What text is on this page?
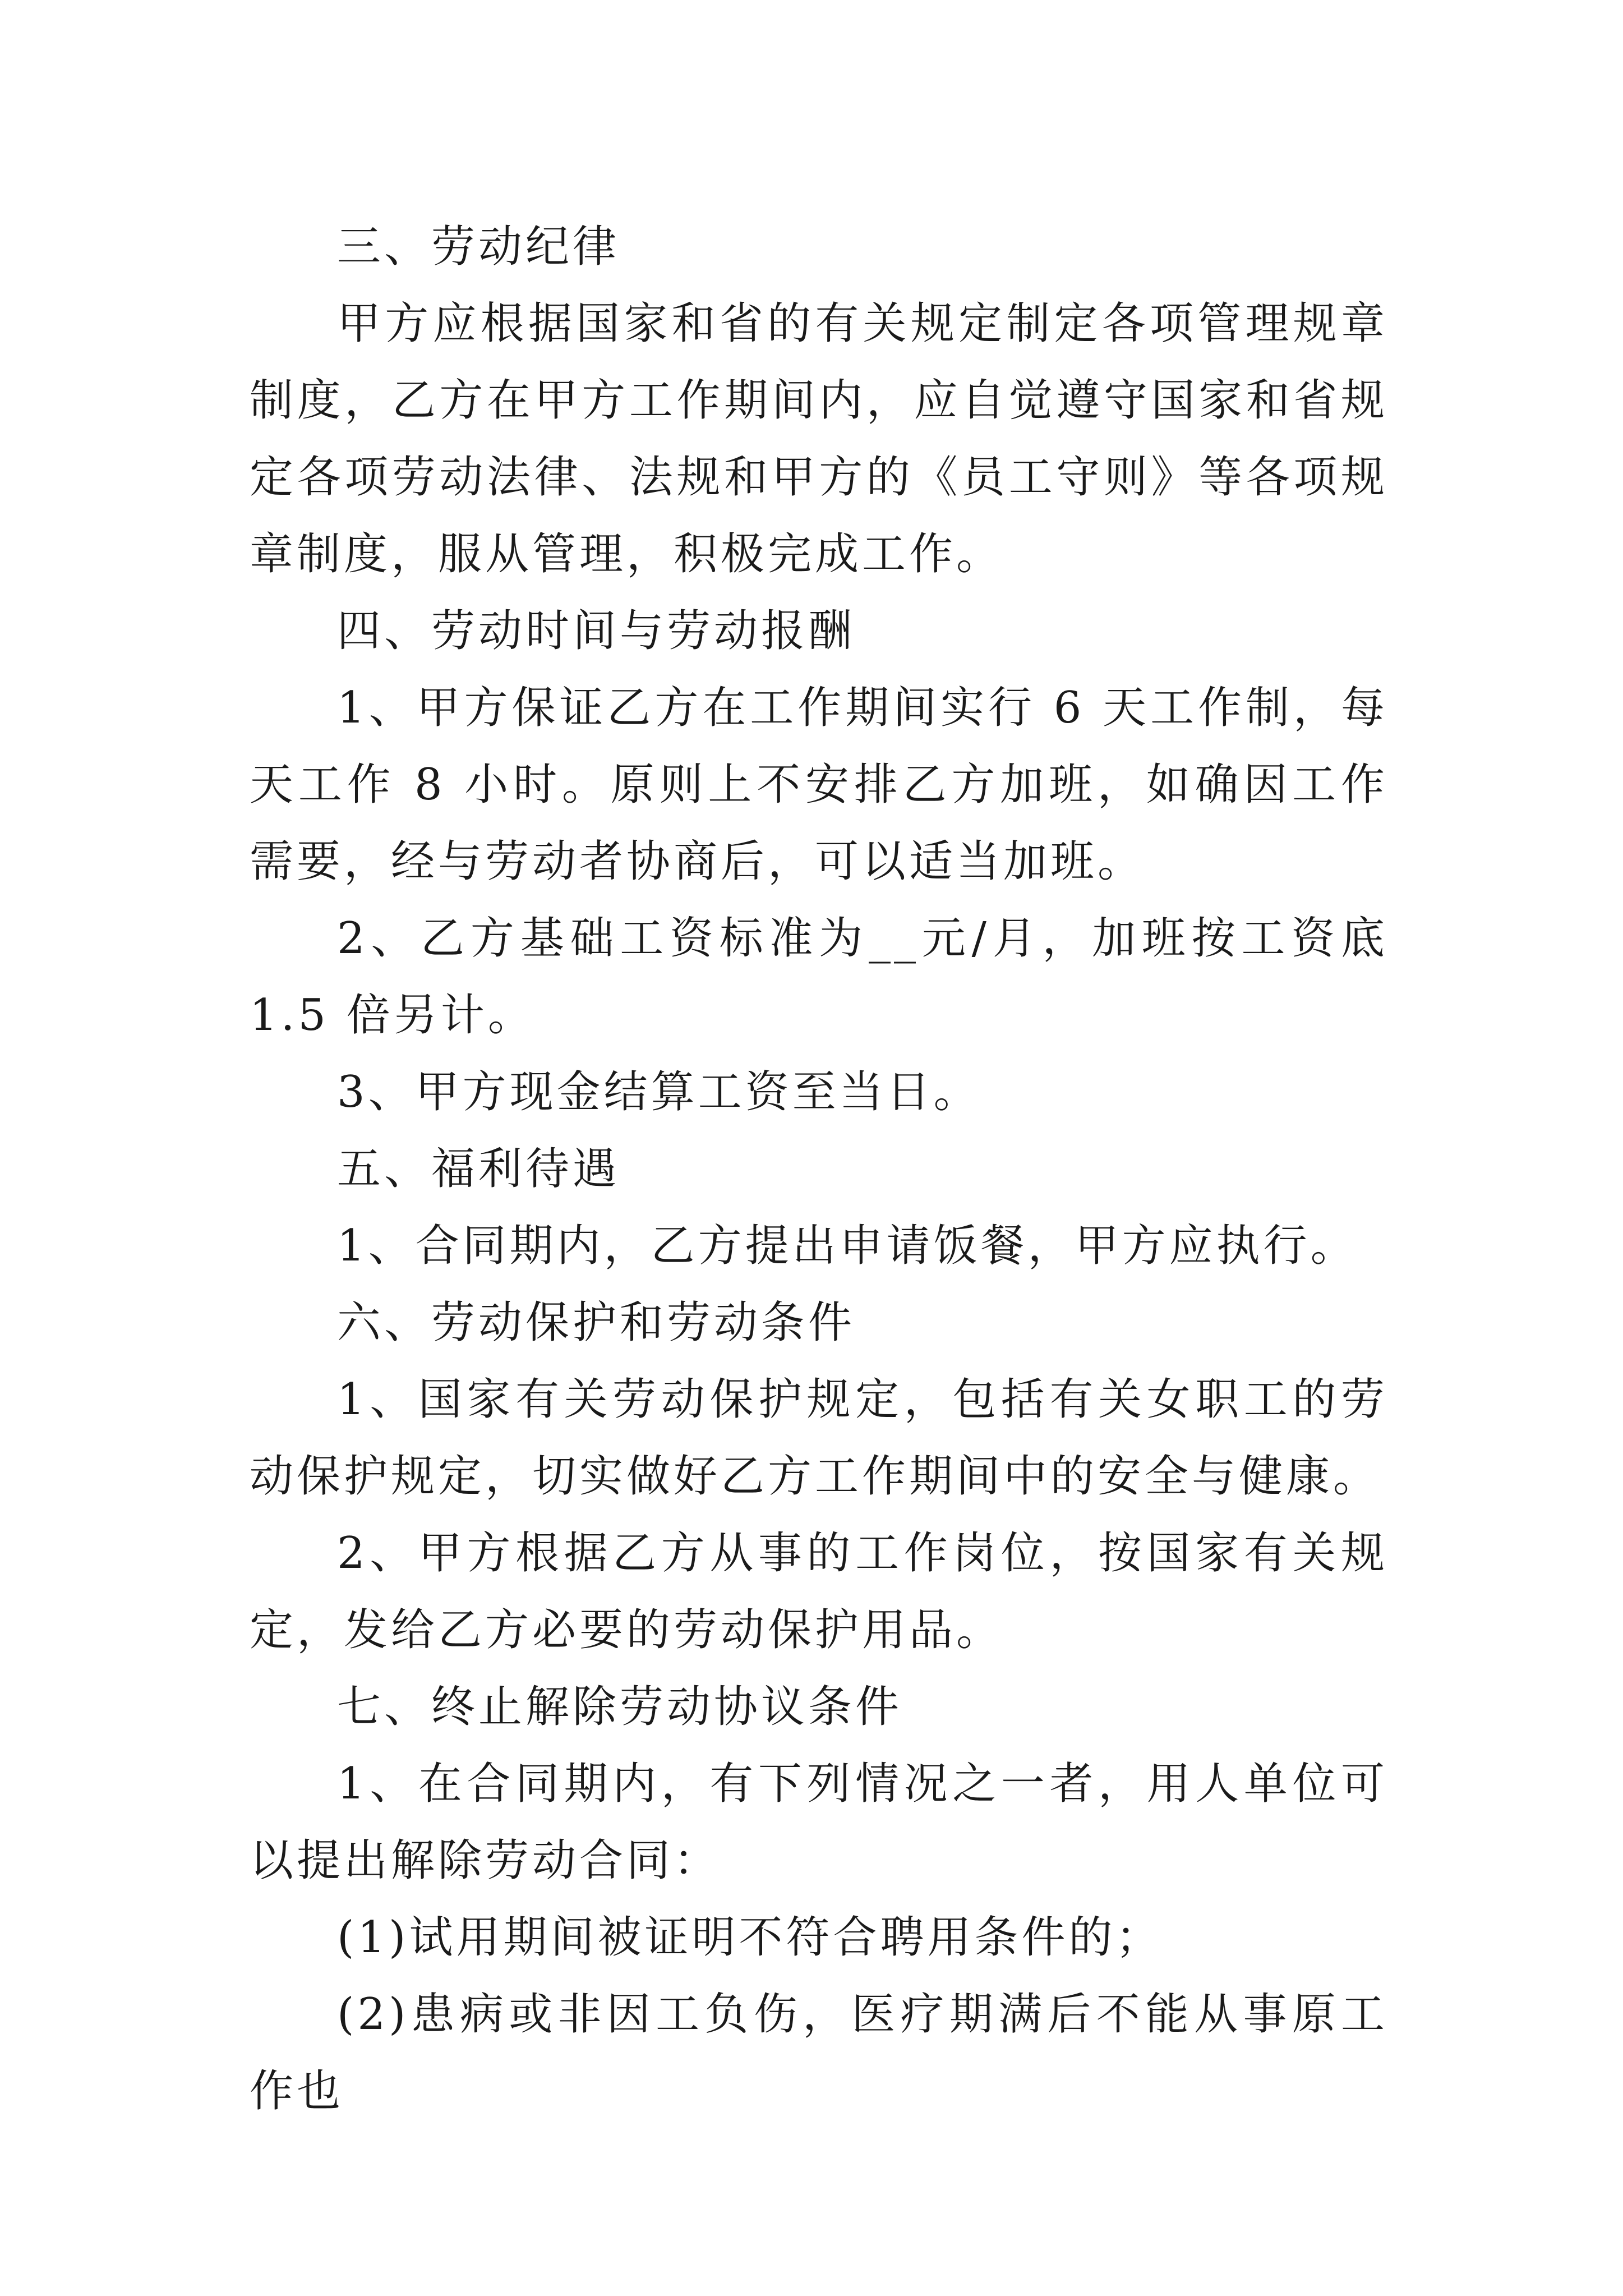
三、劳动纪律

甲方应根据国家和省的有关规定制定各项管理规章制度，乙方在甲方工作期间内，应自觉遵守国家和省规定各项劳动法律、法规和甲方的《员工守则》等各项规章制度，服从管理，积极完成工作。

四、劳动时间与劳动报酬

1、甲方保证乙方在工作期间实行 6 天工作制，每天工作 8 小时。原则上不安排乙方加班，如确因工作需要，经与劳动者协商后，可以适当加班。

2、乙方基础工资标准为__元/月，加班按工资底 1.5 倍另计。

3、甲方现金结算工资至当日。

五、福利待遇

1、合同期内，乙方提出申请饭餐，甲方应执行。

六、劳动保护和劳动条件

1、国家有关劳动保护规定，包括有关女职工的劳动保护规定，切实做好乙方工作期间中的安全与健康。

2、甲方根据乙方从事的工作岗位，按国家有关规定，发给乙方必要的劳动保护用品。

七、终止解除劳动协议条件

1、在合同期内，有下列情况之一者，用人单位可以提出解除劳动合同：

(1)试用期间被证明不符合聘用条件的；

(2)患病或非因工负伤，医疗期满后不能从事原工作也
